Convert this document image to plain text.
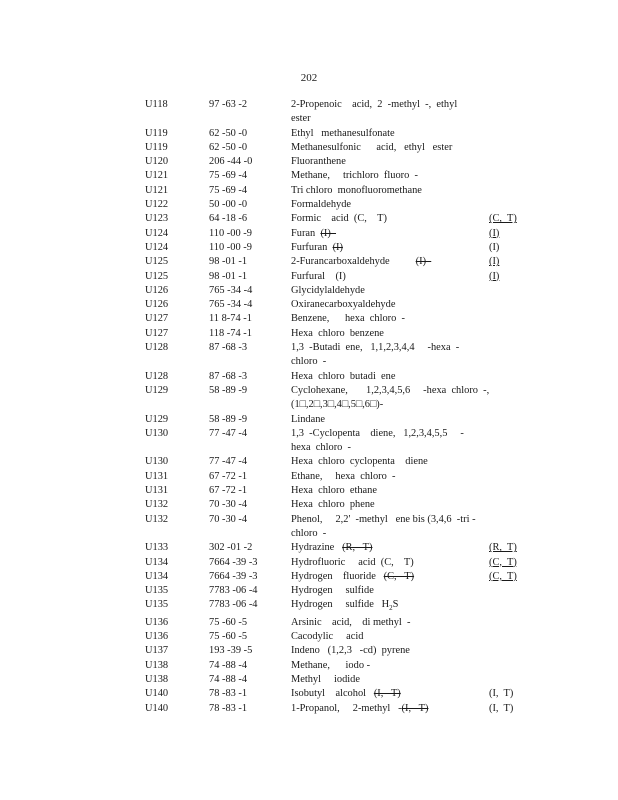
202
U118	97 -63 -2	2-Propenoic    acid,  2  -methyl  -,  ethyl
ester
U119	62 -50 -0	Ethyl   methanesulfonate
U119	62 -50 -0	Methanesulfonic      acid,   ethyl   ester
U120	206 -44 -0	Fluoranthene
U121	75 -69 -4	Methane,     trichloro  fluoro  -
U121	75 -69 -4	Tri chloro  monofluoromethane
U122	50 -00 -0	Formaldehyde
U123	64 -18 -6	Formic    acid  (C,    T)	(C,  T)
U124	110 -00 -9	Furan  (I)	(I)
U124	110 -00 -9	Furfuran  (I)	(I)
U125	98 -01 -1	2-Furancarboxaldehyde          (I)	(I)
U125	98 -01 -1	Furfural    (I)	(I)
U126	765 -34 -4	Glycidylaldehyde
U126	765 -34 -4	Oxiranecarboxyaldehyde
U127	11 8-74 -1	Benzene,      hexa  chloro  -
U127	118 -74 -1	Hexa  chloro  benzene
U128	87 -68 -3	1,3  -Butadi  ene,   1,1,2,3,4,4     -hexa  -
chloro  -
U128	87 -68 -3	Hexa  chloro  butadi  ene
U129	58 -89 -9	Cyclohexane,       1,2,3,4,5,6     -hexa  chloro  -,
(1□,2□,3□,4□,5□,6□)-
U129	58 -89 -9	Lindane
U130	77 -47 -4	1,3  -Cyclopenta    diene,   1,2,3,4,5,5     -
hexa  chloro  -
U130	77 -47 -4	Hexa  chloro  cyclopenta    diene
U131	67 -72 -1	Ethane,     hexa  chloro  -
U131	67 -72 -1	Hexa  chloro  ethane
U132	70 -30 -4	Hexa  chloro  phene
U132	70 -30 -4	Phenol,     2,2'  -methyl   ene bis (3,4,6  -tri -
chloro  -
U133	302 -01 -2	Hydrazine   (R,   T)	(R,  T)
U134	7664 -39 -3	Hydrofluoric     acid  (C,    T)	(C,  T)
U134	7664 -39 -3	Hydrogen    fluoride   (C,   T)	(C,  T)
U135	7783 -06 -4	Hydrogen     sulfide
U135	7783 -06 -4	Hydrogen     sulfide   $H_2S$
U136	75 -60 -5	Arsinic    acid,    di methyl  -
U136	75 -60 -5	Cacodylic     acid
U137	193 -39 -5	Indeno   (1,2,3   -cd)  pyrene
U138	74 -88 -4	Methane,      iodo -
U138	74 -88 -4	Methyl     iodide
U140	78 -83 -1	Isobutyl    alcohol   (I,   T)	(I,  T)
U140	78 -83 -1	1-Propanol,     2-methyl   -(I,   T)	(I,  T)
